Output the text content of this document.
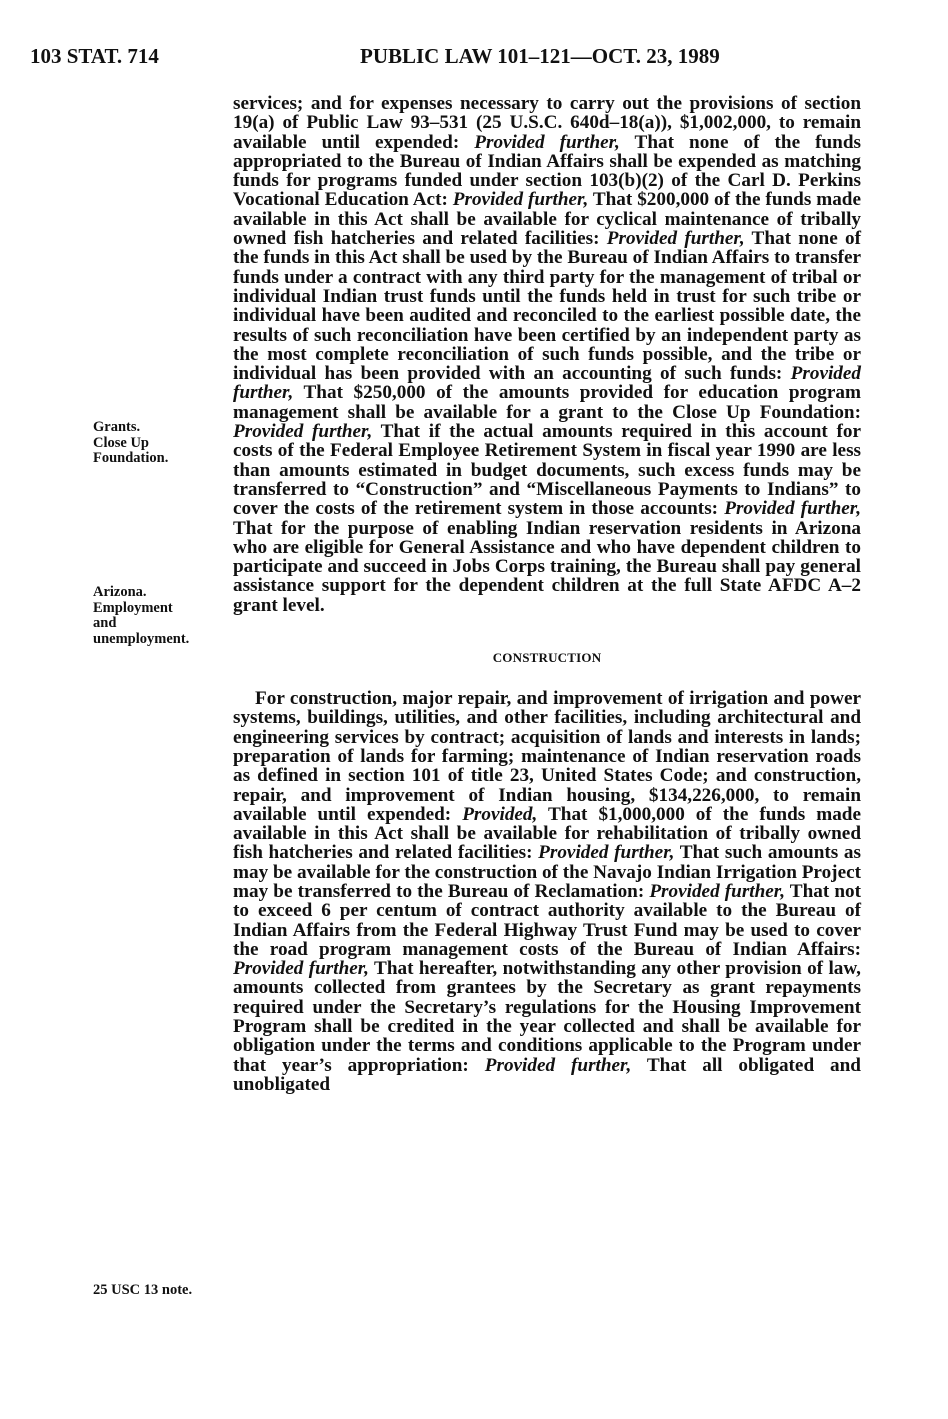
103 STAT. 714	PUBLIC LAW 101–121—OCT. 23, 1989
Grants.
Close Up
Foundation.
Arizona.
Employment
and
unemployment.
25 USC 13 note.

services; and for expenses necessary to carry out the provisions of section 19(a) of Public Law 93–531 (25 U.S.C. 640d–18(a)), $1,002,000, to remain available until expended: Provided further, That none of the funds appropriated to the Bureau of Indian Affairs shall be expended as matching funds for programs funded under section 103(b)(2) of the Carl D. Perkins Vocational Education Act: Provided further, That $200,000 of the funds made available in this Act shall be available for cyclical maintenance of tribally owned fish hatcheries and related facilities: Provided further, That none of the funds in this Act shall be used by the Bureau of Indian Affairs to transfer funds under a contract with any third party for the management of tribal or individual Indian trust funds until the funds held in trust for such tribe or individual have been audited and reconciled to the earliest possible date, the results of such reconciliation have been certified by an independent party as the most complete reconciliation of such funds possible, and the tribe or individual has been provided with an accounting of such funds: Provided further, That $250,000 of the amounts provided for education program management shall be available for a grant to the Close Up Foundation: Provided further, That if the actual amounts required in this account for costs of the Federal Employee Retirement System in fiscal year 1990 are less than amounts estimated in budget documents, such excess funds may be transferred to “Construction” and “Miscellaneous Payments to Indians” to cover the costs of the retirement system in those accounts: Provided further, That for the purpose of enabling Indian reservation residents in Arizona who are eligible for General Assistance and who have dependent children to participate and succeed in Jobs Corps training, the Bureau shall pay general assistance support for the dependent children at the full State AFDC A–2 grant level.

CONSTRUCTION

For construction, major repair, and improvement of irrigation and power systems, buildings, utilities, and other facilities, including architectural and engineering services by contract; acquisition of lands and interests in lands; preparation of lands for farming; maintenance of Indian reservation roads as defined in section 101 of title 23, United States Code; and construction, repair, and improvement of Indian housing, $134,226,000, to remain available until expended: Provided, That $1,000,000 of the funds made available in this Act shall be available for rehabilitation of tribally owned fish hatcheries and related facilities: Provided further, That such amounts as may be available for the construction of the Navajo Indian Irrigation Project may be transferred to the Bureau of Reclamation: Provided further, That not to exceed 6 per centum of contract authority available to the Bureau of Indian Affairs from the Federal Highway Trust Fund may be used to cover the road program management costs of the Bureau of Indian Affairs: Provided further, That hereafter, notwithstanding any other provision of law, amounts collected from grantees by the Secretary as grant repayments required under the Secretary’s regulations for the Housing Improvement Program shall be credited in the year collected and shall be available for obligation under the terms and conditions applicable to the Program under that year’s appropriation: Provided further, That all obligated and unobligated
